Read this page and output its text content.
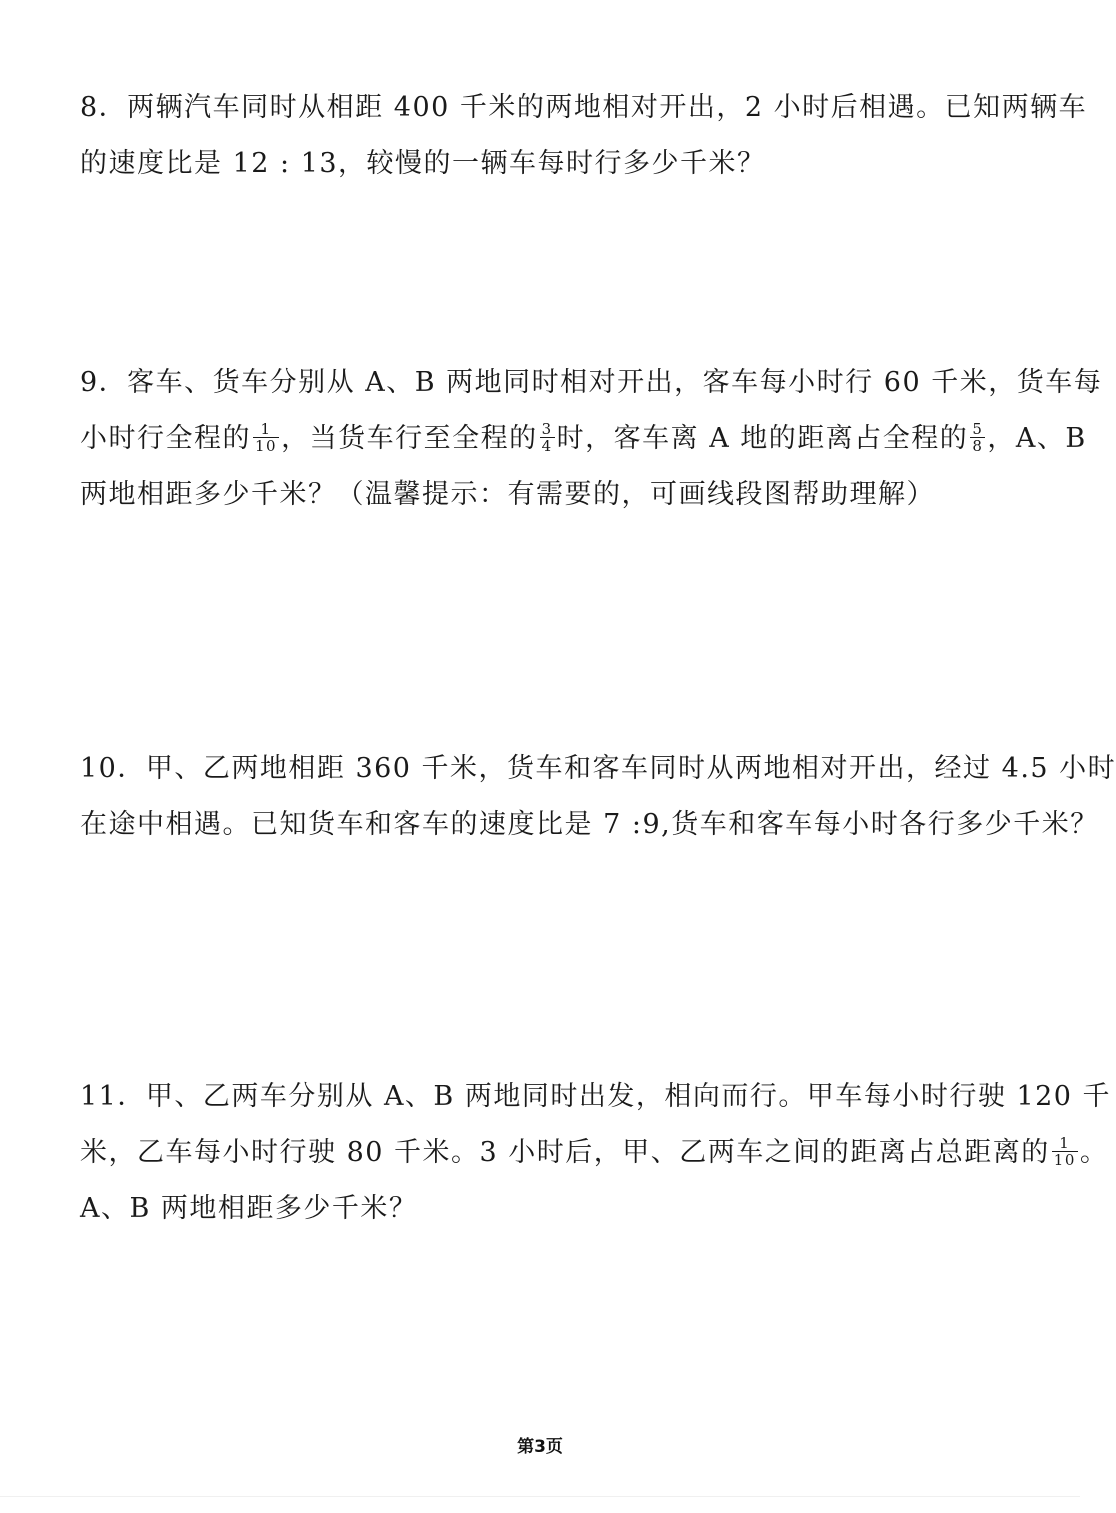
8．两辆汽车同时从相距 400 千米的两地相对开出，2 小时后相遇。已知两辆车
的速度比是 12 : 13，较慢的一辆车每时行多少千米？
9．客车、货车分别从 A、B 两地同时相对开出，客车每小时行 60 千米，货车每
小时行全程的 $\frac{1}{10}$ ，当货车行至全程的 $\frac{3}{4}$ 时，客车离 A 地的距离占全程的 $\frac{5}{8}$ ，A、B
两地相距多少千米？（温馨提示：有需要的，可画线段图帮助理解）
10．甲、乙两地相距 360 千米，货车和客车同时从两地相对开出，经过 4.5 小时
在途中相遇。已知货车和客车的速度比是 7 :9,货车和客车每小时各行多少千米？
11．甲、乙两车分别从 A、B 两地同时出发，相向而行。甲车每小时行驶 120 千
米，乙车每小时行驶 80 千米。3 小时后，甲、乙两车之间的距离占总距离的 $\frac{1}{10}$ 。
A、B 两地相距多少千米？
第3页
